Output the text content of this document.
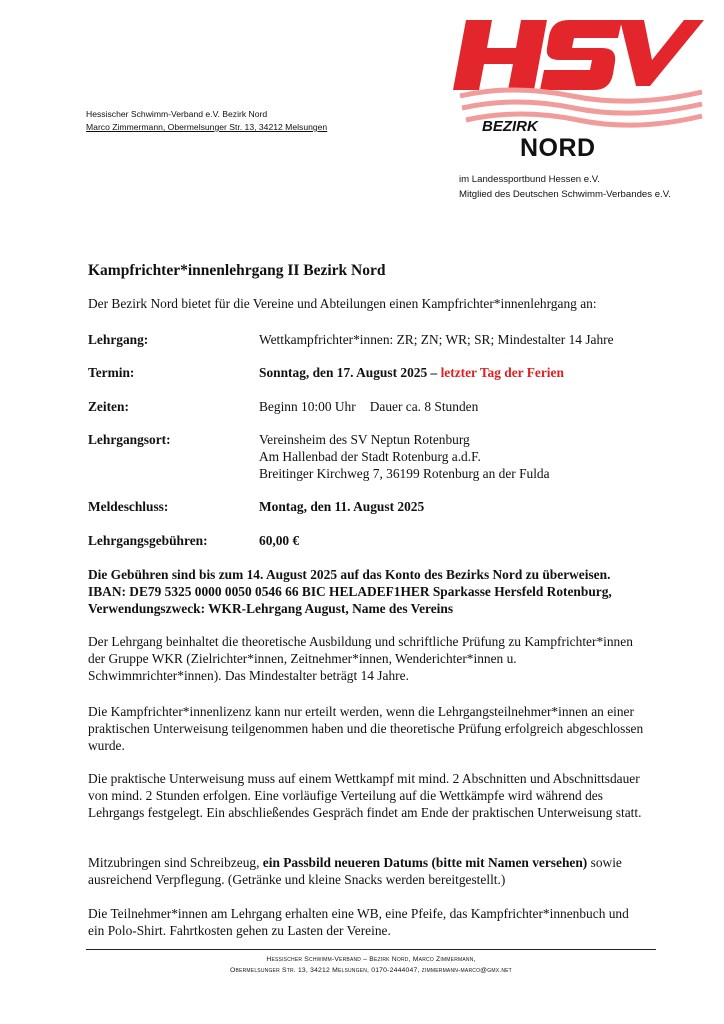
Hessischer Schwimm-Verband e.V. Bezirk Nord
Marco Zimmermann, Obermelsunger Str. 13, 34212 Melsungen	BEZIRK
NORD
im Landessportbund Hessen e.V.
Mitglied des Deutschen Schwimm-Verbandes e.V.
Kampfrichter*innenlehrgang II Bezirk Nord
Der Bezirk Nord bietet für die Vereine und Abteilungen einen Kampfrichter*innenlehrgang an:
Lehrgang:	Wettkampfrichter*innen: ZR; ZN; WR; SR; Mindestalter 14 Jahre
Termin:	Sonntag, den 17. August 2025 – letzter Tag der Ferien
Zeiten:	Beginn 10:00 Uhr Dauer ca. 8 Stunden
Lehrgangsort:	Vereinsheim des SV Neptun Rotenburg
Am Hallenbad der Stadt Rotenburg a.d.F.
Breitinger Kirchweg 7, 36199 Rotenburg an der Fulda
Meldeschluss:	Montag, den 11. August 2025
Lehrgangsgebühren:	60,00 €
Die Gebühren sind bis zum 14. August 2025 auf das Konto des Bezirks Nord zu überweisen. IBAN: DE79 5325 0000 0050 0546 66 BIC HELADEF1HER Sparkasse Hersfeld Rotenburg, Verwendungszweck: WKR-Lehrgang August, Name des Vereins
Der Lehrgang beinhaltet die theoretische Ausbildung und schriftliche Prüfung zu Kampfrichter*innen der Gruppe WKR (Zielrichter*innen, Zeitnehmer*innen, Wenderichter*innen u. Schwimmrichter*innen). Das Mindestalter beträgt 14 Jahre.
Die Kampfrichter*innenlizenz kann nur erteilt werden, wenn die Lehrgangsteilnehmer*innen an einer praktischen Unterweisung teilgenommen haben und die theoretische Prüfung erfolgreich abgeschlossen wurde.
Die praktische Unterweisung muss auf einem Wettkampf mit mind. 2 Abschnitten und Abschnittsdauer von mind. 2 Stunden erfolgen. Eine vorläufige Verteilung auf die Wettkämpfe wird während des Lehrgangs festgelegt. Ein abschließendes Gespräch findet am Ende der praktischen Unterweisung statt.
Mitzubringen sind Schreibzeug, ein Passbild neueren Datums (bitte mit Namen versehen) sowie ausreichend Verpflegung. (Getränke und kleine Snacks werden bereitgestellt.)
Die Teilnehmer*innen am Lehrgang erhalten eine WB, eine Pfeife, das Kampfrichter*innenbuch und ein Polo-Shirt. Fahrtkosten gehen zu Lasten der Vereine.
Hessischer Schwimm-Verband – Bezirk Nord, Marco Zimmermann,
Obermelsunger Str. 13, 34212 Melsungen, 0170-2444047, zimmermann-marco@gmx.net
